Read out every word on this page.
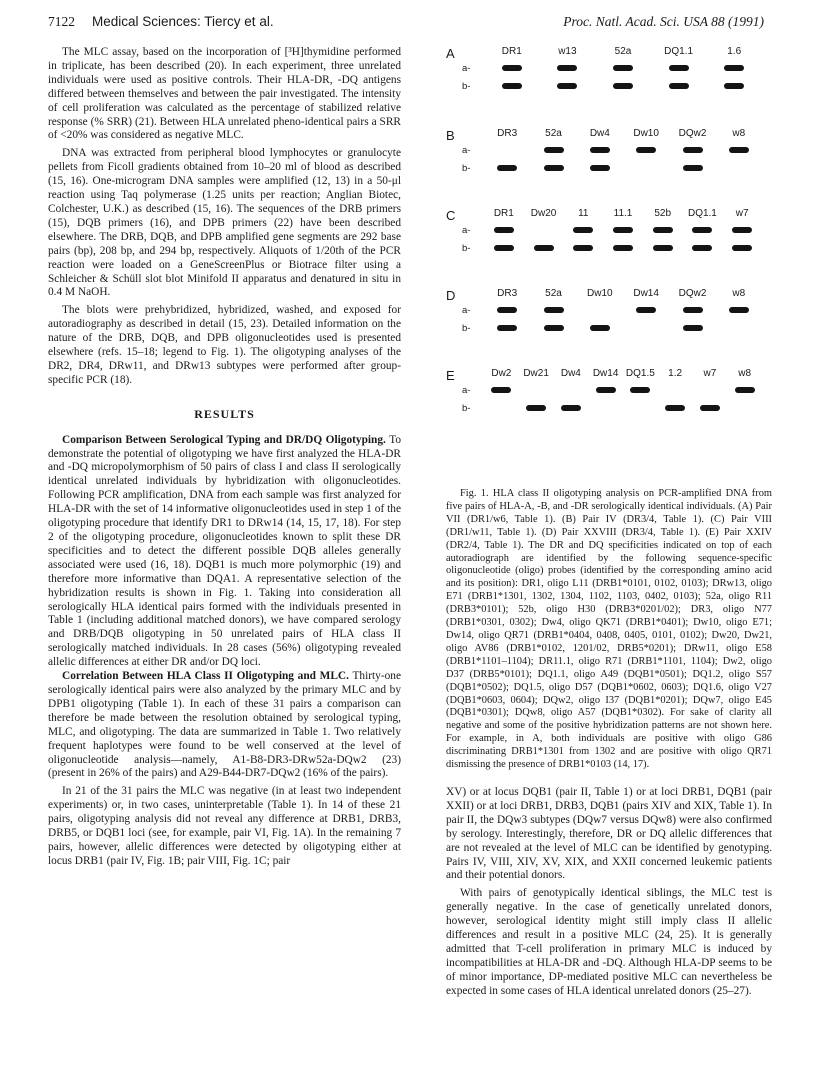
7122 Medical Sciences: Tiercy et al.	Proc. Natl. Acad. Sci. USA 88 (1991)

The MLC assay, based on the incorporation of [³H]thymidine performed in triplicate, has been described (20). In each experiment, three unrelated individuals were used as positive controls. Their HLA-DR, -DQ antigens differed between themselves and between the pair investigated. The intensity of cell proliferation was calculated as the percentage of stabilized relative response (% SRR) (21). Between HLA unrelated pheno-identical pairs a SRR of <20% was considered as negative MLC.

DNA was extracted from peripheral blood lymphocytes or granulocyte pellets from Ficoll gradients obtained from 10–20 ml of blood as described (15, 16). One-microgram DNA samples were amplified (12, 13) in a 50-μl reaction using Taq polymerase (1.25 units per reaction; Anglian Biotec, Colchester, U.K.) as described (15, 16). The sequences of the DRB primers (15), DQB primers (16), and DPB primers (22) have been described elsewhere. The DRB, DQB, and DPB amplified gene segments are 292 base pairs (bp), 208 bp, and 294 bp, respectively. Aliquots of 1/20th of the PCR reaction were loaded on a GeneScreenPlus or Biotrace filter using a Schleicher & Schüll slot blot Minifold II apparatus and denatured in situ in 0.4 M NaOH.

The blots were prehybridized, hybridized, washed, and exposed for autoradiography as described in detail (15, 23). Detailed information on the nature of the DRB, DQB, and DPB oligonucleotides used is presented elsewhere (refs. 15–18; legend to Fig. 1). The oligotyping analyses of the DR2, DR4, DRw11, and DRw13 subtypes were performed after group-specific PCR (18).

RESULTS

Comparison Between Serological Typing and DR/DQ Oligotyping. To demonstrate the potential of oligotyping we have first analyzed the HLA-DR and -DQ micropolymorphism of 50 pairs of class I and class II serologically identical unrelated individuals by hybridization with oligonucleotides. Following PCR amplification, DNA from each sample was first analyzed for HLA-DR with the set of 14 informative oligonucleotides used in step 1 of the oligotyping procedure that identify DR1 to DRw14 (14, 15, 17, 18). For step 2 of the oligotyping procedure, oligonucleotides known to split these DR specificities and to detect the different possible DQB alleles generally associated were used (16, 18). DQB1 is much more polymorphic (19) and therefore more informative than DQA1. A representative selection of the hybridization results is shown in Fig. 1. Taking into consideration all serologically HLA identical pairs formed with the individuals presented in Table 1 (including additional matched donors), we have compared serology and DRB/DQB oligotyping in 50 unrelated pairs of HLA class II serologically matched individuals. In 28 cases (56%) oligotyping revealed allelic differences at either DR and/or DQ loci.

Correlation Between HLA Class II Oligotyping and MLC. Thirty-one serologically identical pairs were also analyzed by the primary MLC and by DPB1 oligotyping (Table 1). In each of these 31 pairs a comparison can therefore be made between the resolution obtained by serological typing, MLC, and oligotyping. The data are summarized in Table 1. Two relatively frequent haplotypes were found to be well conserved at the level of oligonucleotide analysis—namely, A1-B8-DR3-DRw52a-DQw2 (23) (present in 26% of the pairs) and A29-B44-DR7-DQw2 (16% of the pairs).

In 21 of the 31 pairs the MLC was negative (in at least two independent experiments) or, in two cases, uninterpretable (Table 1). In 14 of these 21 pairs, oligotyping analysis did not reveal any difference at DRB1, DRB3, DRB5, or DQB1 loci (see, for example, pair VI, Fig. 1A). In the remaining 7 pairs, however, allelic differences were detected by oligotyping either at locus DRB1 (pair IV, Fig. 1B; pair VIII, Fig. 1C; pair

A
a-
b-
DR1	w13	52a	DQ1.1	1.6
B
a-
b-
DR3	52a	Dw4	Dw10	DQw2	w8
C
a-
b-
DR1	Dw20	11	11.1	52b	DQ1.1	w7
D
a-
b-
DR3	52a	Dw10	Dw14	DQw2	w8
E
a-
b-
Dw2	Dw21	Dw4	Dw14 DQ1.5	1.2	w7	w8

Fig. 1. HLA class II oligotyping analysis on PCR-amplified DNA from five pairs of HLA-A, -B, and -DR serologically identical individuals. (A) Pair VII (DR1/w6, Table 1). (B) Pair IV (DR3/4, Table 1). (C) Pair VIII (DR1/w11, Table 1). (D) Pair XXVIII (DR3/4, Table 1). (E) Pair XXIV (DR2/4, Table 1). The DR and DQ specificities indicated on top of each autoradiograph are identified by the following sequence-specific oligonucleotide (oligo) probes (identified by the corresponding amino acid and its position): DR1, oligo L11 (DRB1*0101, 0102, 0103); DRw13, oligo E71 (DRB1*1301, 1302, 1304, 1102, 1103, 0402, 0103); 52a, oligo R11 (DRB3*0101); 52b, oligo H30 (DRB3*0201/02); DR3, oligo N77 (DRB1*0301, 0302); Dw4, oligo QK71 (DRB1*0401); Dw10, oligo E71; Dw14, oligo QR71 (DRB1*0404, 0408, 0405, 0101, 0102); Dw20, Dw21, oligo AV86 (DRB1*0102, 1201/02, DRB5*0201); DRw11, oligo E58 (DRB1*1101–1104); DR11.1, oligo R71 (DRB1*1101, 1104); Dw2, oligo D37 (DRB5*0101); DQ1.1, oligo A49 (DQB1*0501); DQ1.2, oligo S57 (DQB1*0502); DQ1.5, oligo D57 (DQB1*0602, 0603); DQ1.6, oligo V27 (DQB1*0603, 0604); DQw2, oligo I37 (DQB1*0201); DQw7, oligo E45 (DQB1*0301); DQw8, oligo A57 (DQB1*0302). For sake of clarity all negative and some of the positive hybridization patterns are not shown here. For example, in A, both individuals are positive with oligo G86 discriminating DRB1*1301 from 1302 and are positive with oligo QR71 dismissing the presence of DRB1*0103 (14, 17).

XV) or at locus DQB1 (pair II, Table 1) or at loci DRB1, DQB1 (pair XXII) or at loci DRB1, DRB3, DQB1 (pairs XIV and XIX, Table 1). In pair II, the DQw3 subtypes (DQw7 versus DQw8) were also confirmed by serology. Interestingly, therefore, DR or DQ allelic differences that are not revealed at the level of MLC can be identified by genotyping. Pairs IV, VIII, XIV, XV, XIX, and XXII concerned leukemic patients and their potential donors.

With pairs of genotypically identical siblings, the MLC test is generally negative. In the case of genetically unrelated donors, however, serological identity might still imply class II allelic differences and result in a positive MLC (24, 25). It is generally admitted that T-cell proliferation in primary MLC is induced by incompatibilities at HLA-DR and -DQ. Although HLA-DP seems to be of minor importance, DP-mediated positive MLC can nevertheless be expected in some cases of HLA identical unrelated donors (25–27).
